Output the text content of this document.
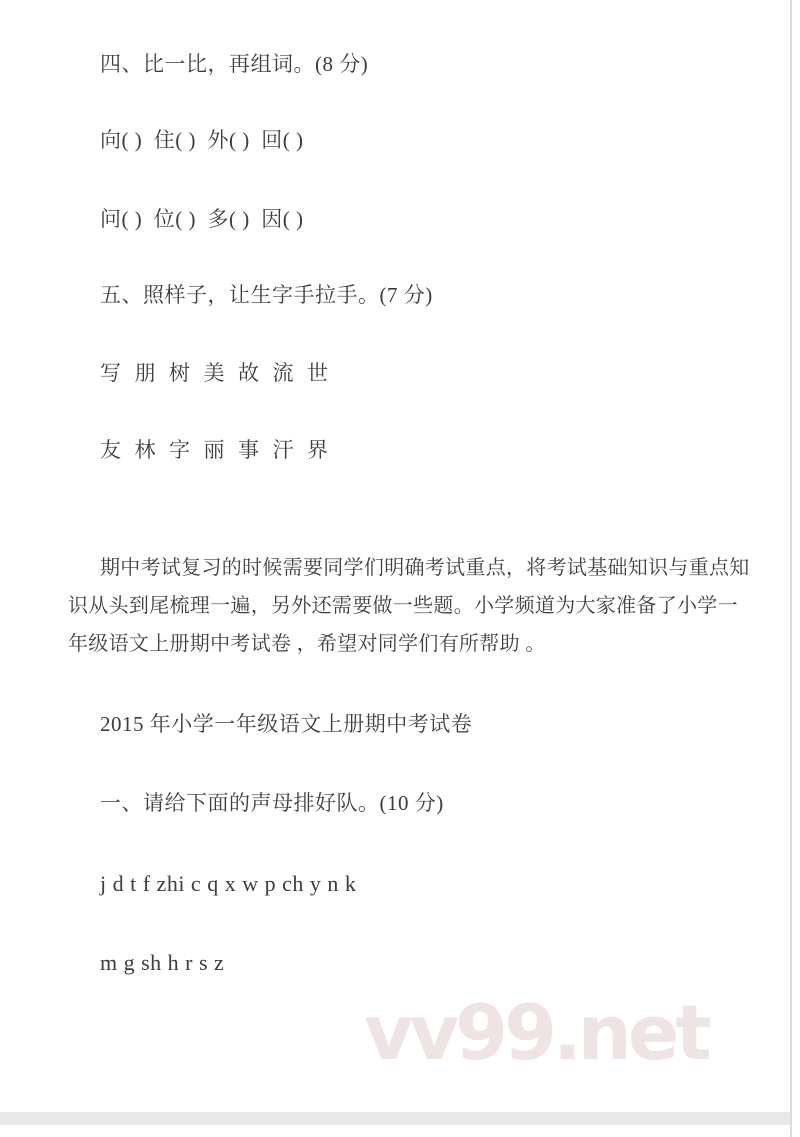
四、比一比，再组词。(8 分)
向( )  住( )  外( )  回( )
问( )  位( )  多( )  因( )
五、照样子，让生字手拉手。(7 分)
写  朋  树  美  故  流  世
友  林  字  丽  事  汗  界
期中考试复习的时候需要同学们明确考试重点，将考试基础知识与重点知
识从头到尾梳理一遍，另外还需要做一些题。小学频道为大家准备了小学一
年级语文上册期中考试卷 ，希望对同学们有所帮助 。
2015 年小学一年级语文上册期中考试卷
一、请给下面的声母排好队。(10 分)
j d t f zhi c q x w p ch y n k
m g sh h r s z
vv99.net
